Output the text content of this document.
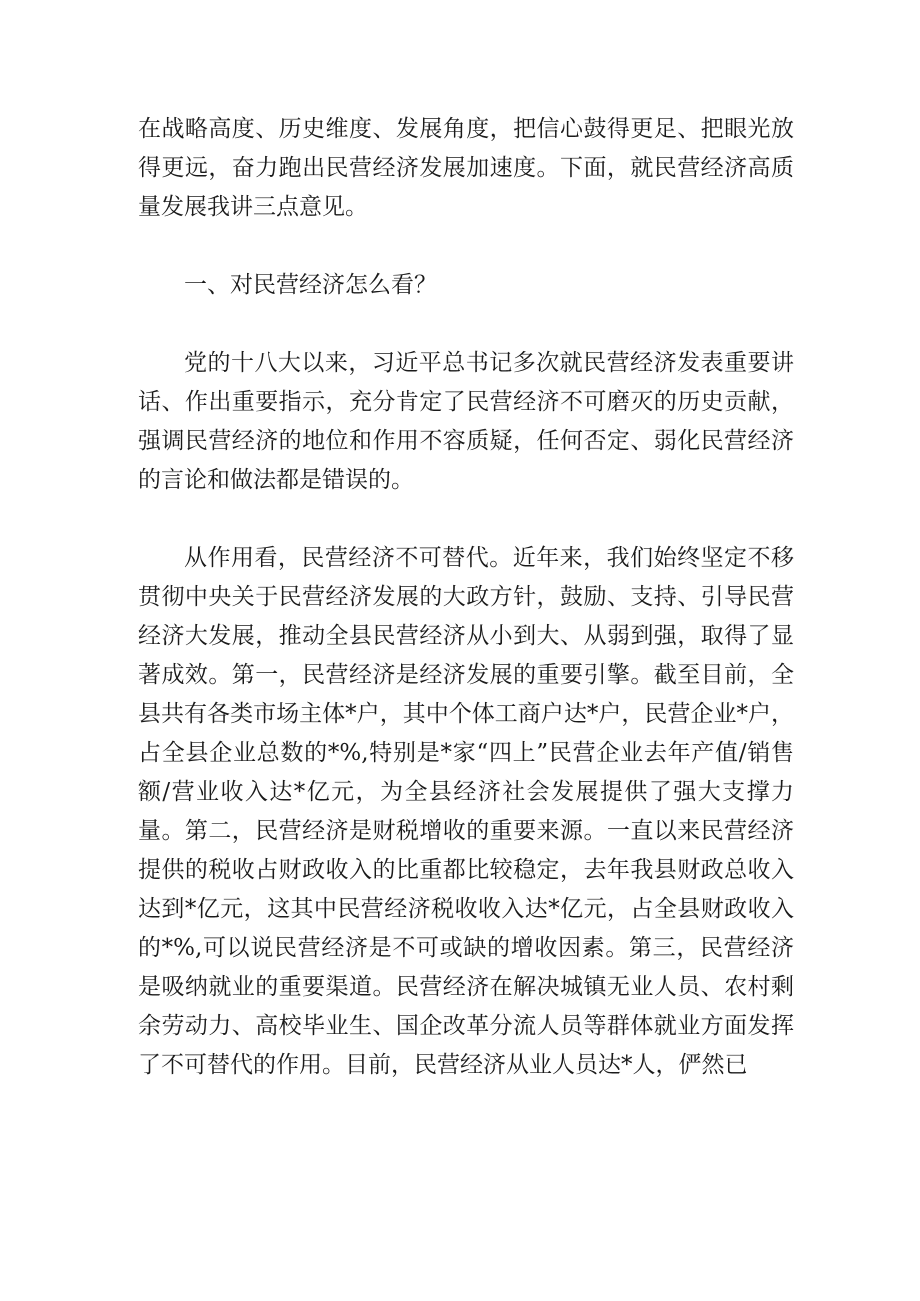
在战略高度、历史维度、发展角度，把信心鼓得更足、把眼光放得更远，奋力跑出民营经济发展加速度。下面，就民营经济高质量发展我讲三点意见。

一、对民营经济怎么看？

党的十八大以来，习近平总书记多次就民营经济发表重要讲话、作出重要指示，充分肯定了民营经济不可磨灭的历史贡献，强调民营经济的地位和作用不容质疑，任何否定、弱化民营经济的言论和做法都是错误的。

从作用看，民营经济不可替代。近年来，我们始终坚定不移贯彻中央关于民营经济发展的大政方针，鼓励、支持、引导民营经济大发展，推动全县民营经济从小到大、从弱到强，取得了显著成效。第一，民营经济是经济发展的重要引擎。截至目前，全县共有各类市场主体*户，其中个体工商户达*户，民营企业*户，占全县企业总数的*%,特别是*家“四上”民营企业去年产值/销售额/营业收入达*亿元，为全县经济社会发展提供了强大支撑力量。第二，民营经济是财税增收的重要来源。一直以来民营经济提供的税收占财政收入的比重都比较稳定，去年我县财政总收入达到*亿元，这其中民营经济税收收入达*亿元，占全县财政收入的*%,可以说民营经济是不可或缺的增收因素。第三，民营经济是吸纳就业的重要渠道。民营经济在解决城镇无业人员、农村剩余劳动力、高校毕业生、国企改革分流人员等群体就业方面发挥了不可替代的作用。目前，民营经济从业人员达*人，俨然已
